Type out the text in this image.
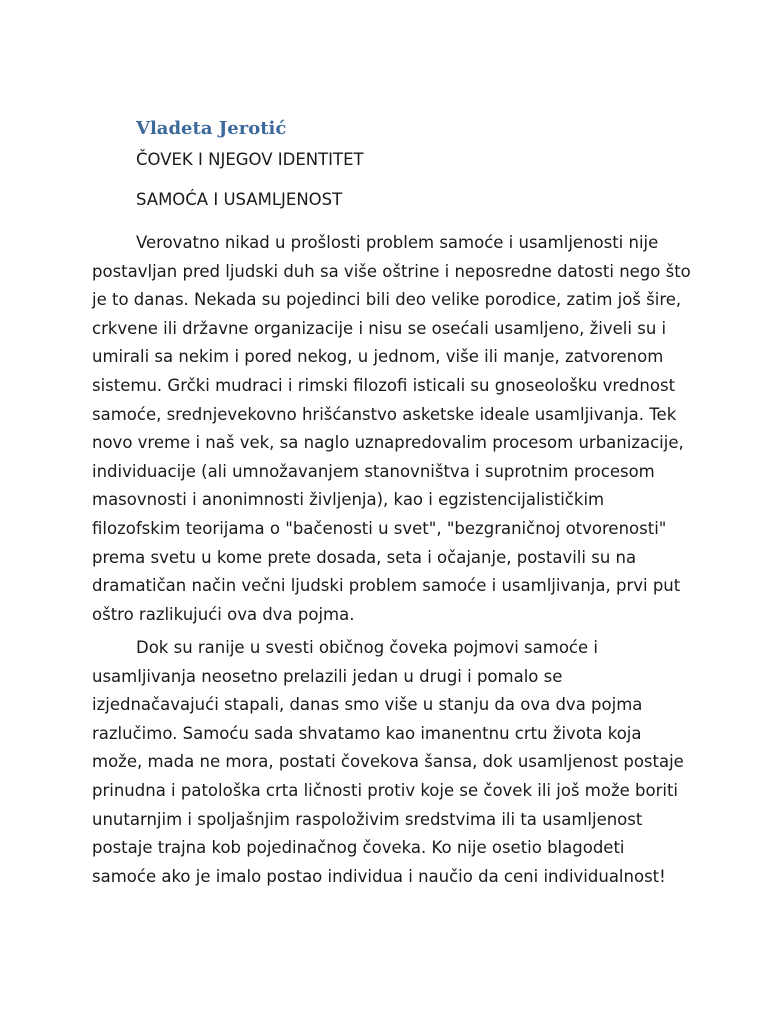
Vladeta Jerotić
ČOVEK I NJEGOV IDENTITET
SAMOĆA I USAMLJENOST
Verovatno nikad u prošlosti problem samoće i usamljenosti nije
postavljan pred ljudski duh sa više oštrine i neposredne datosti nego što
je to danas. Nekada su pojedinci bili deo velike porodice, zatim još šire,
crkvene ili državne organizacije i nisu se osećali usamljeno, živeli su i
umirali sa nekim i pored nekog, u jednom, više ili manje, zatvorenom
sistemu. Grčki mudraci i rimski filozofi isticali su gnoseološku vrednost
samoće, srednjevekovno hrišćanstvo asketske ideale usamljivanja. Tek
novo vreme i naš vek, sa naglo uznapredovalim procesom urbanizacije,
individuacije (ali umnožavanjem stanovništva i suprotnim procesom
masovnosti i anonimnosti življenja), kao i egzistencijalističkim
filozofskim teorijama o "bačenosti u svet", "bezgraničnoj otvorenosti"
prema svetu u kome prete dosada, seta i očajanje, postavili su na
dramatičan način večni ljudski problem samoće i usamljivanja, prvi put
oštro razlikujući ova dva pojma.
Dok su ranije u svesti običnog čoveka pojmovi samoće i
usamljivanja neosetno prelazili jedan u drugi i pomalo se
izjednačavajući stapali, danas smo više u stanju da ova dva pojma
razlučimo. Samoću sada shvatamo kao imanentnu crtu života koja
može, mada ne mora, postati čovekova šansa, dok usamljenost postaje
prinudna i patološka crta ličnosti protiv koje se čovek ili još može boriti
unutarnjim i spoljašnjim raspoloživim sredstvima ili ta usamljenost
postaje trajna kob pojedinačnog čoveka. Ko nije osetio blagodeti
samoće ako je imalo postao individua i naučio da ceni individualnost!
